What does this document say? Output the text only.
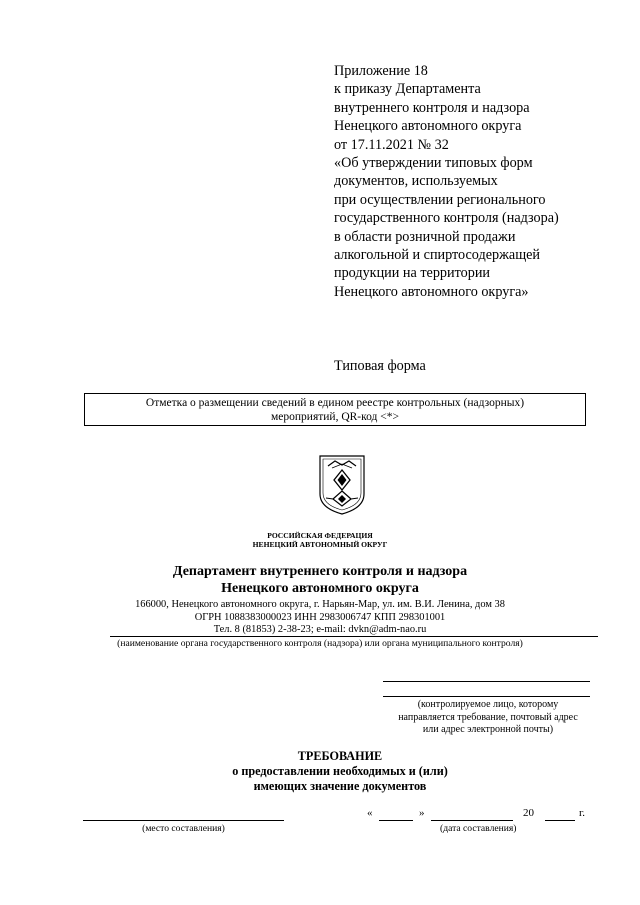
Приложение 18
к приказу Департамента
внутреннего контроля и надзора
Ненецкого автономного округа
от 17.11.2021 № 32
«Об утверждении типовых форм
документов, используемых
при осуществлении регионального
государственного контроля (надзора)
в области розничной продажи
алкогольной и спиртосодержащей
продукции на территории
Ненецкого автономного округа»
Типовая форма
Отметка о размещении сведений в едином реестре контрольных (надзорных)
мероприятий, QR-код <*>
РОССИЙСКАЯ ФЕДЕРАЦИЯ
НЕНЕЦКИЙ АВТОНОМНЫЙ ОКРУГ
Департамент внутреннего контроля и надзора
Ненецкого автономного округа
166000, Ненецкого автономного округа, г. Нарьян-Мар, ул. им. В.И. Ленина, дом 38
ОГРН 1088383000023 ИНН 2983006747 КПП 298301001
Тел. 8 (81853) 2-38-23; e-mail: dvkn@adm-nao.ru
(наименование органа государственного контроля (надзора) или органа муниципального контроля)
(контролируемое лицо, которому
направляется требование, почтовый адрес
или адрес электронной почты)
ТРЕБОВАНИЕ
о предоставлении необходимых и (или)
имеющих значение документов
(место составления)
«	»	20	г.
(дата составления)
